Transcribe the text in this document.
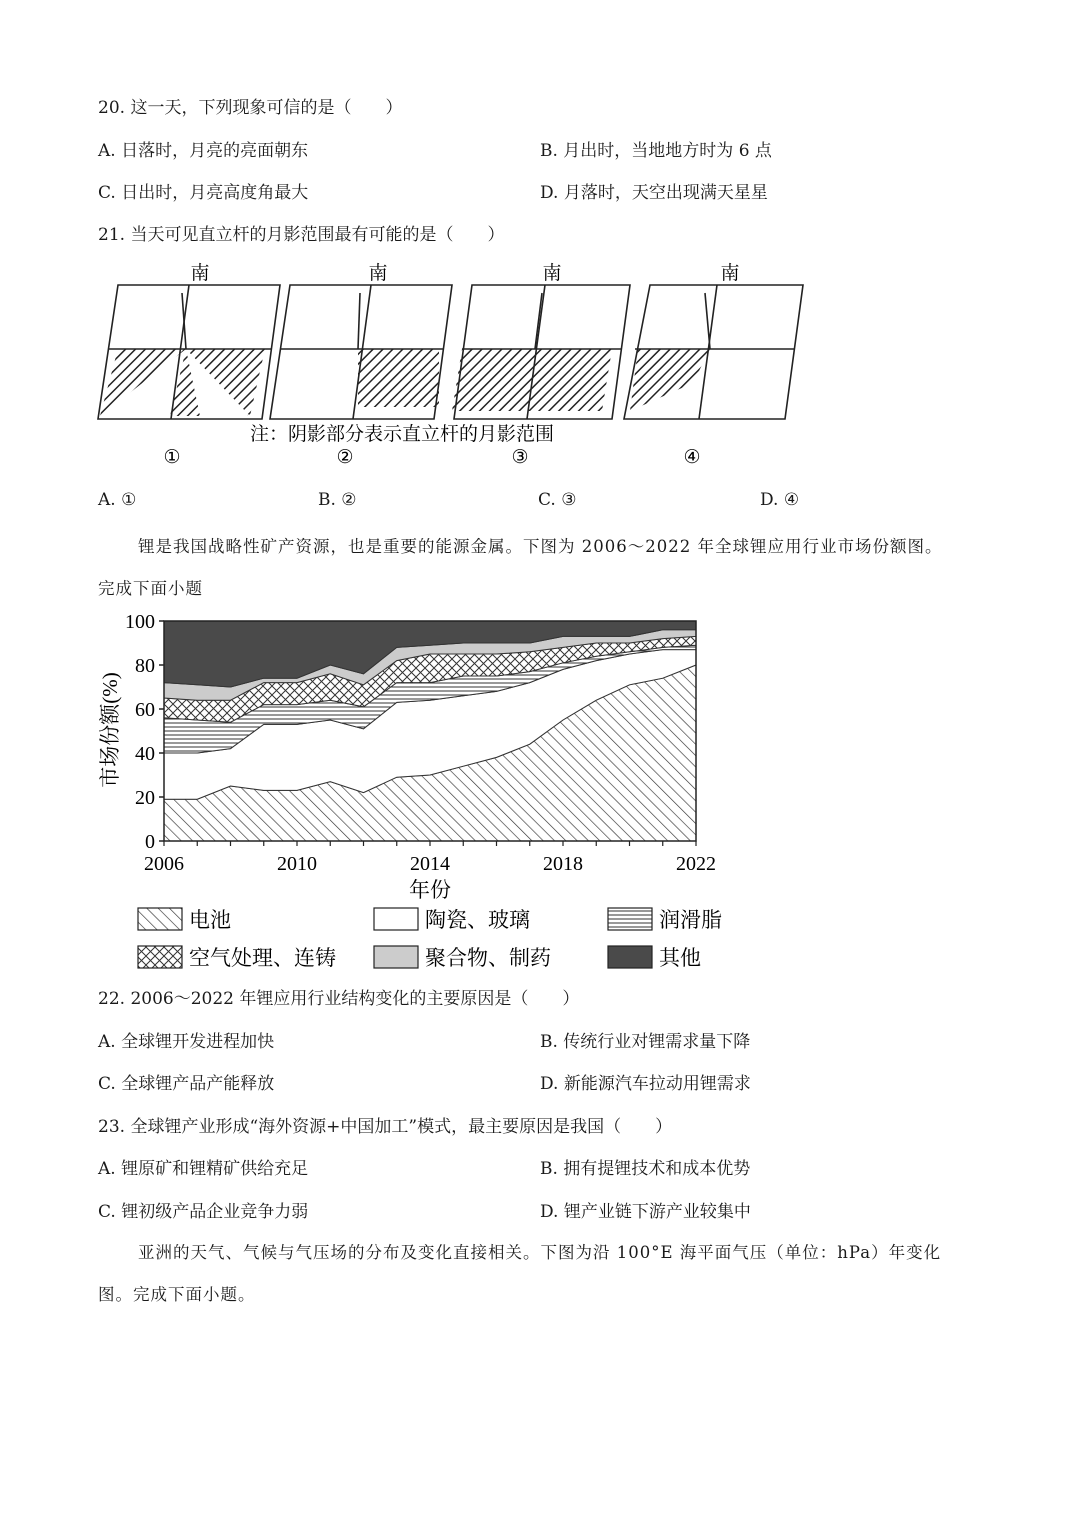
20. 这一天，下列现象可信的是（　　）
A. 日落时，月亮的亮面朝东	B. 月出时，当地地方时为 6 点
C. 日出时，月亮高度角最大	D. 月落时，天空出现满天星星
21. 当天可见直立杆的月影范围最有可能的是（　　）
南
①
南
②
南
③
南
④
注：阴影部分表示直立杆的月影范围
A. ①	B. ②	C. ③	D. ④
锂是我国战略性矿产资源，也是重要的能源金属。下图为 2006～2022 年全球锂应用行业市场份额图。
完成下面小题
0
20
40
60
80
100
2006	2010	2014	2018	2022
市场份额(%)
年份
电池	陶瓷、玻璃	润滑脂
空气处理、连铸	聚合物、制药	其他
22. 2006～2022 年锂应用行业结构变化的主要原因是（　　）
A. 全球锂开发进程加快	B. 传统行业对锂需求量下降
C. 全球锂产品产能释放	D. 新能源汽车拉动用锂需求
23. 全球锂产业形成“海外资源+中国加工”模式，最主要原因是我国（　　）
A. 锂原矿和锂精矿供给充足	B. 拥有提锂技术和成本优势
C. 锂初级产品企业竞争力弱	D. 锂产业链下游产业较集中
亚洲的天气、气候与气压场的分布及变化直接相关。下图为沿 100°E 海平面气压（单位：hPa）年变化
图。完成下面小题。
